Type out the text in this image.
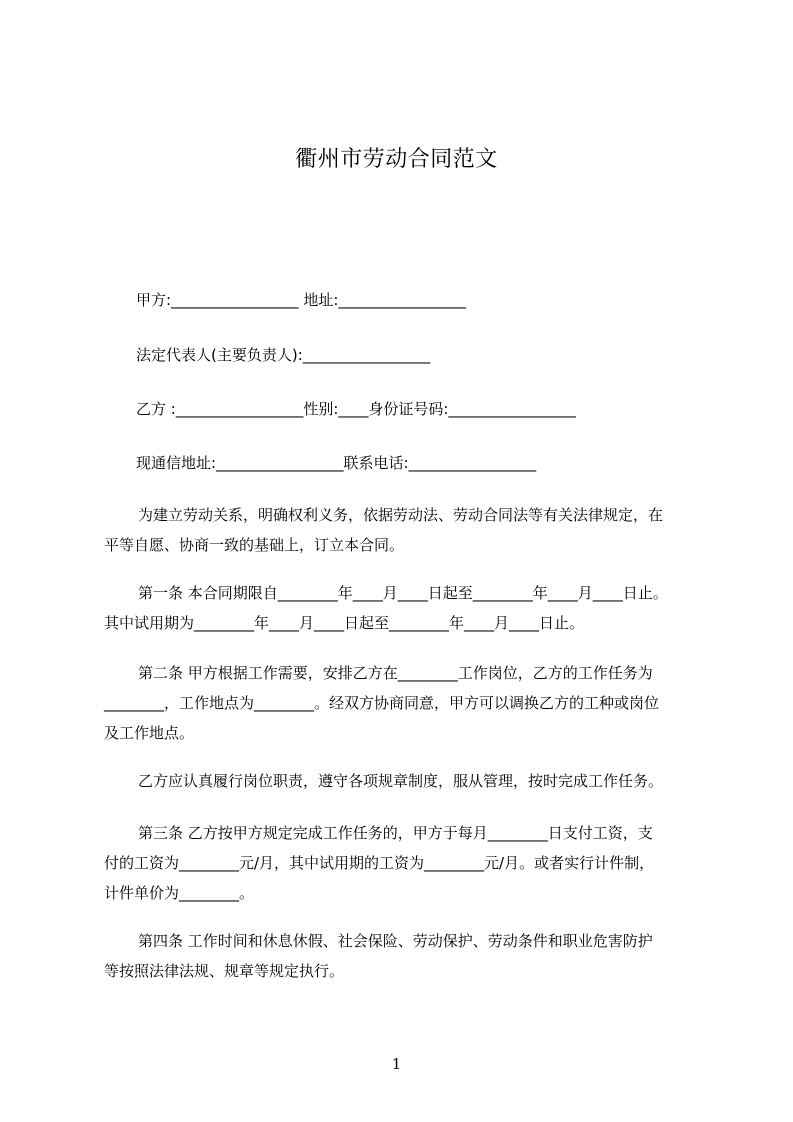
衢州市劳动合同范文
甲方:_________________ 地址:_________________
法定代表人(主要负责人):_________________
乙方 :_________________性别:____身份证号码:_________________
现通信地址:_________________联系电话:_________________
为建立劳动关系，明确权利义务，依据劳动法、劳动合同法等有关法律规定，在
平等自愿、协商一致的基础上，订立本合同。
第一条 本合同期限自________年____月____日起至________年____月____日止。
其中试用期为________年____月____日起至________年____月____日止。
第二条 甲方根据工作需要，安排乙方在________工作岗位，乙方的工作任务为
________，工作地点为________。经双方协商同意，甲方可以调换乙方的工种或岗位
及工作地点。
乙方应认真履行岗位职责，遵守各项规章制度，服从管理，按时完成工作任务。
第三条 乙方按甲方规定完成工作任务的，甲方于每月________日支付工资，支
付的工资为________元/月，其中试用期的工资为________元/月。或者实行计件制，
计件单价为________。
第四条 工作时间和休息休假、社会保险、劳动保护、劳动条件和职业危害防护
等按照法律法规、规章等规定执行。
1
